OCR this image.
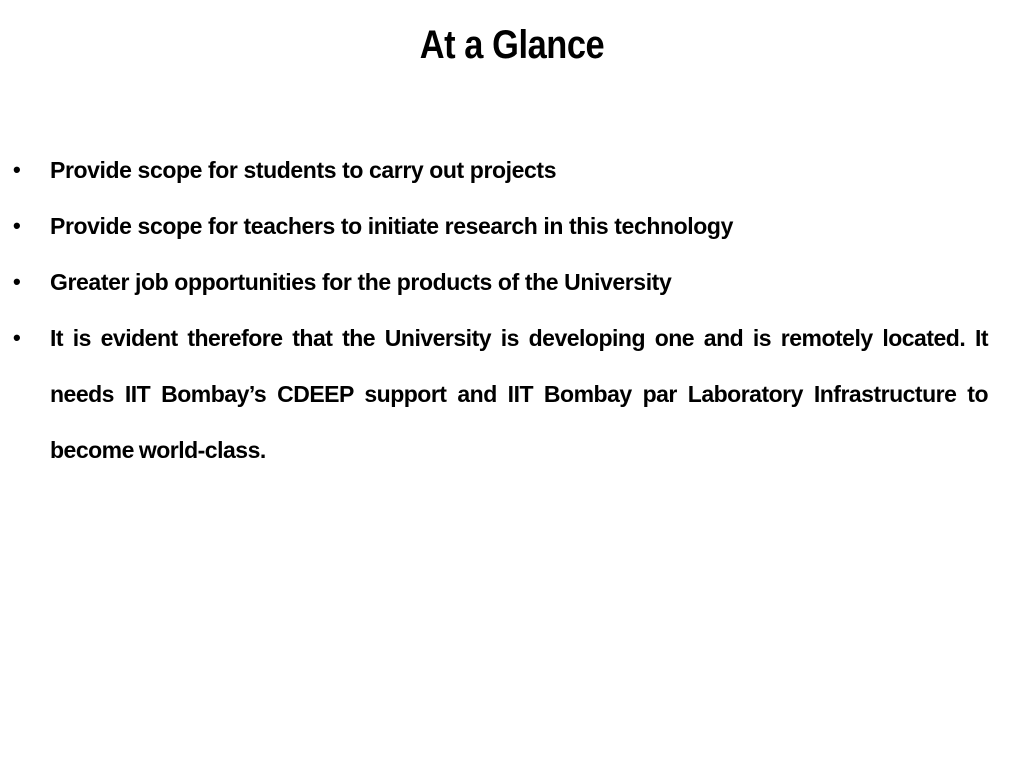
At a Glance
•	Provide scope for students to carry out projects
•	Provide scope for teachers to initiate research in this technology
•	Greater job opportunities for the products of the University
•	It is evident therefore that the University is developing one and is remotely located. It needs IIT Bombay’s CDEEP support and IIT Bombay par Laboratory Infrastructure to become world-class.
